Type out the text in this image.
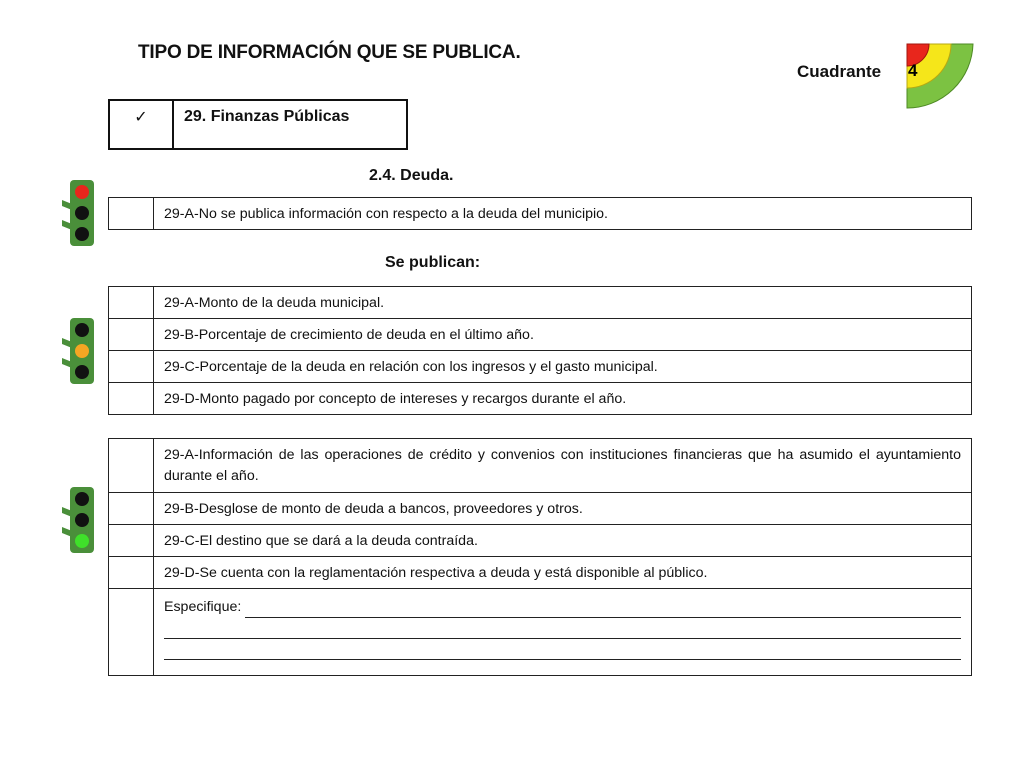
TIPO DE INFORMACIÓN QUE SE PUBLICA.
Cuadrante 4
✓	29. Finanzas Públicas
2.4. Deuda.
	29-A-No se publica información con respecto a la deuda del municipio.
Se publican:
	29-A-Monto de la deuda municipal.
	29-B-Porcentaje de crecimiento de deuda en el último año.
	29-C-Porcentaje de la deuda en relación con los ingresos y el gasto municipal.
	29-D-Monto pagado por concepto de intereses y recargos durante el año.
	29-A-Información de las operaciones de crédito y convenios con instituciones financieras que ha asumido el ayuntamiento durante el año.
	29-B-Desglose de monto de deuda a bancos, proveedores y otros.
	29-C-El destino que se dará a la deuda contraída.
	29-D-Se cuenta con la reglamentación respectiva a deuda y está disponible al público.

	Especifique:
